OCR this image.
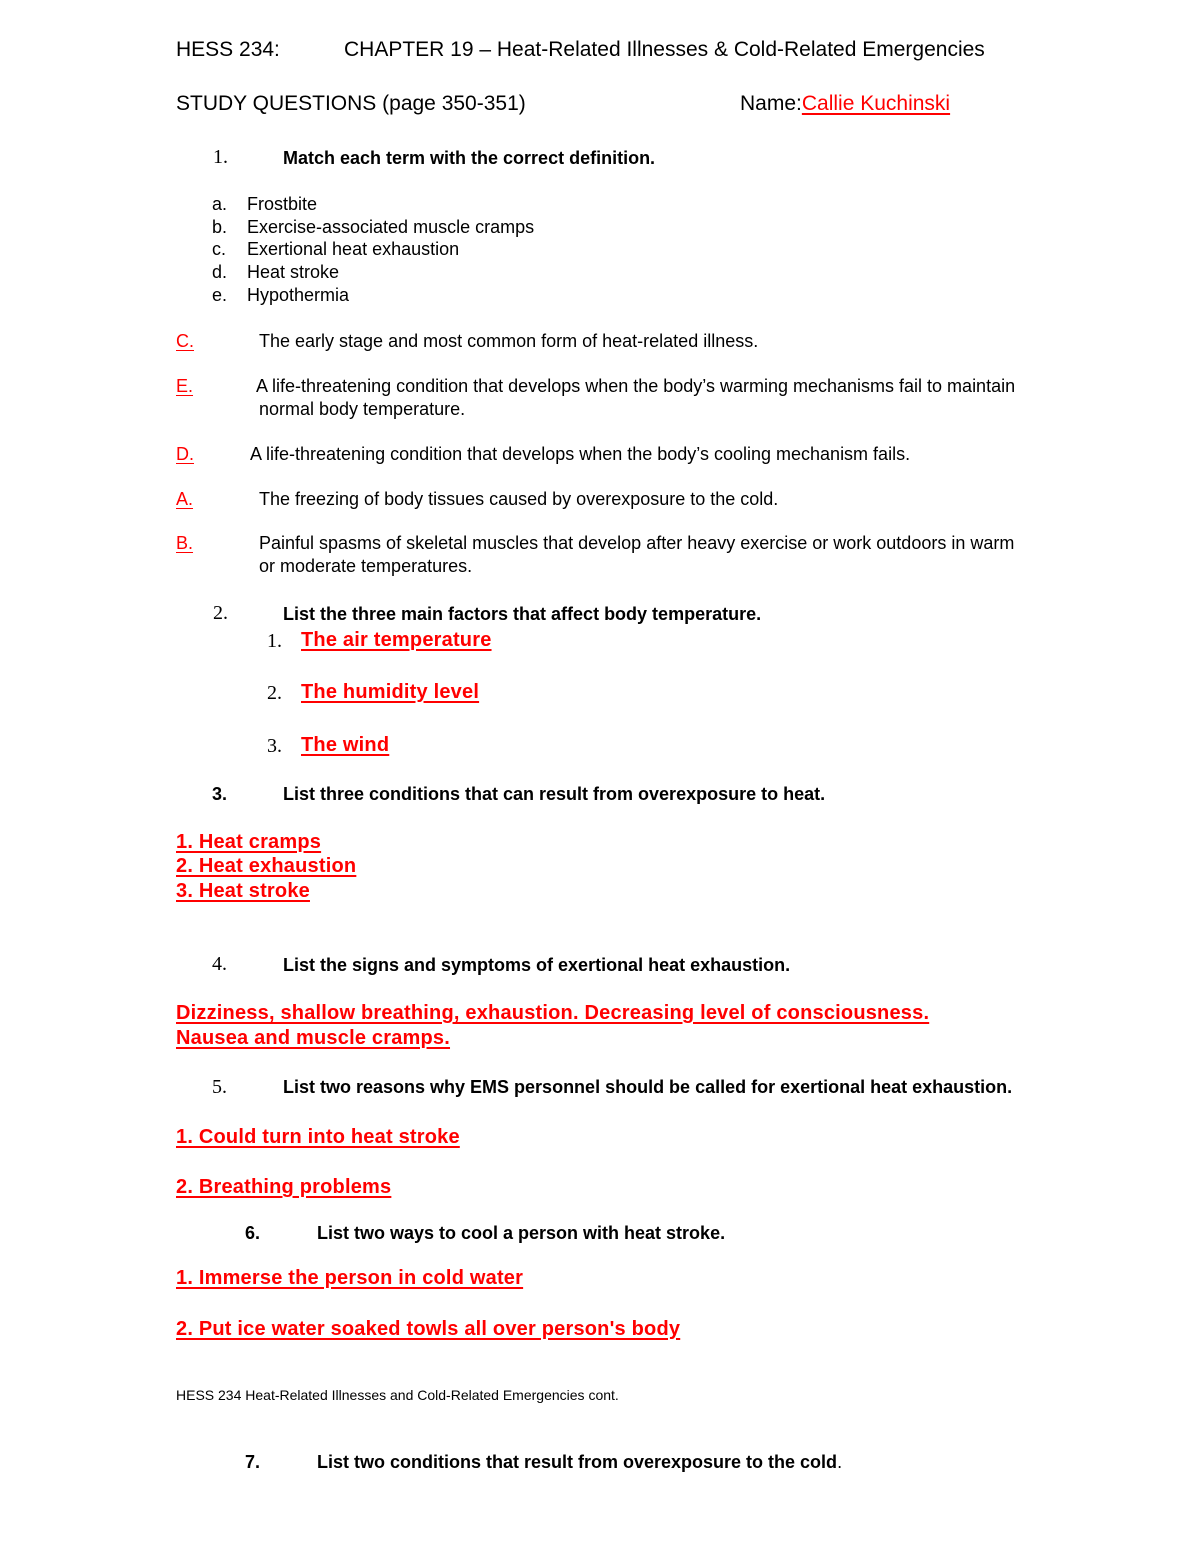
HESS 234:	CHAPTER 19 – Heat-Related Illnesses & Cold-Related Emergencies
STUDY QUESTIONS (page 350-351)	Name:Callie Kuchinski
1.	Match each term with the correct definition.
a. Frostbite
b. Exercise-associated muscle cramps
c. Exertional heat exhaustion
d. Heat stroke
e. Hypothermia
C.	The early stage and most common form of heat-related illness.
E.	A life-threatening condition that develops when the body’s warming mechanisms fail to maintain
normal body temperature.
D.	A life-threatening condition that develops when the body’s cooling mechanism fails.
A.	The freezing of body tissues caused by overexposure to the cold.
B.	Painful spasms of skeletal muscles that develop after heavy exercise or work outdoors in warm
or moderate temperatures.
2.	List the three main factors that affect body temperature.
1. The air temperature
2. The humidity level
3. The wind
3.	List three conditions that can result from overexposure to heat.
1. Heat cramps
2. Heat exhaustion
3. Heat stroke
4.	List the signs and symptoms of exertional heat exhaustion.
Dizziness, shallow breathing, exhaustion. Decreasing level of consciousness.
Nausea and muscle cramps.
5.	List two reasons why EMS personnel should be called for exertional heat exhaustion.
1. Could turn into heat stroke
2. Breathing problems
6.	List two ways to cool a person with heat stroke.
1. Immerse the person in cold water
2. Put ice water soaked towls all over person's body
HESS 234 Heat-Related Illnesses and Cold-Related Emergencies cont.
7.	List two conditions that result from overexposure to the cold.
